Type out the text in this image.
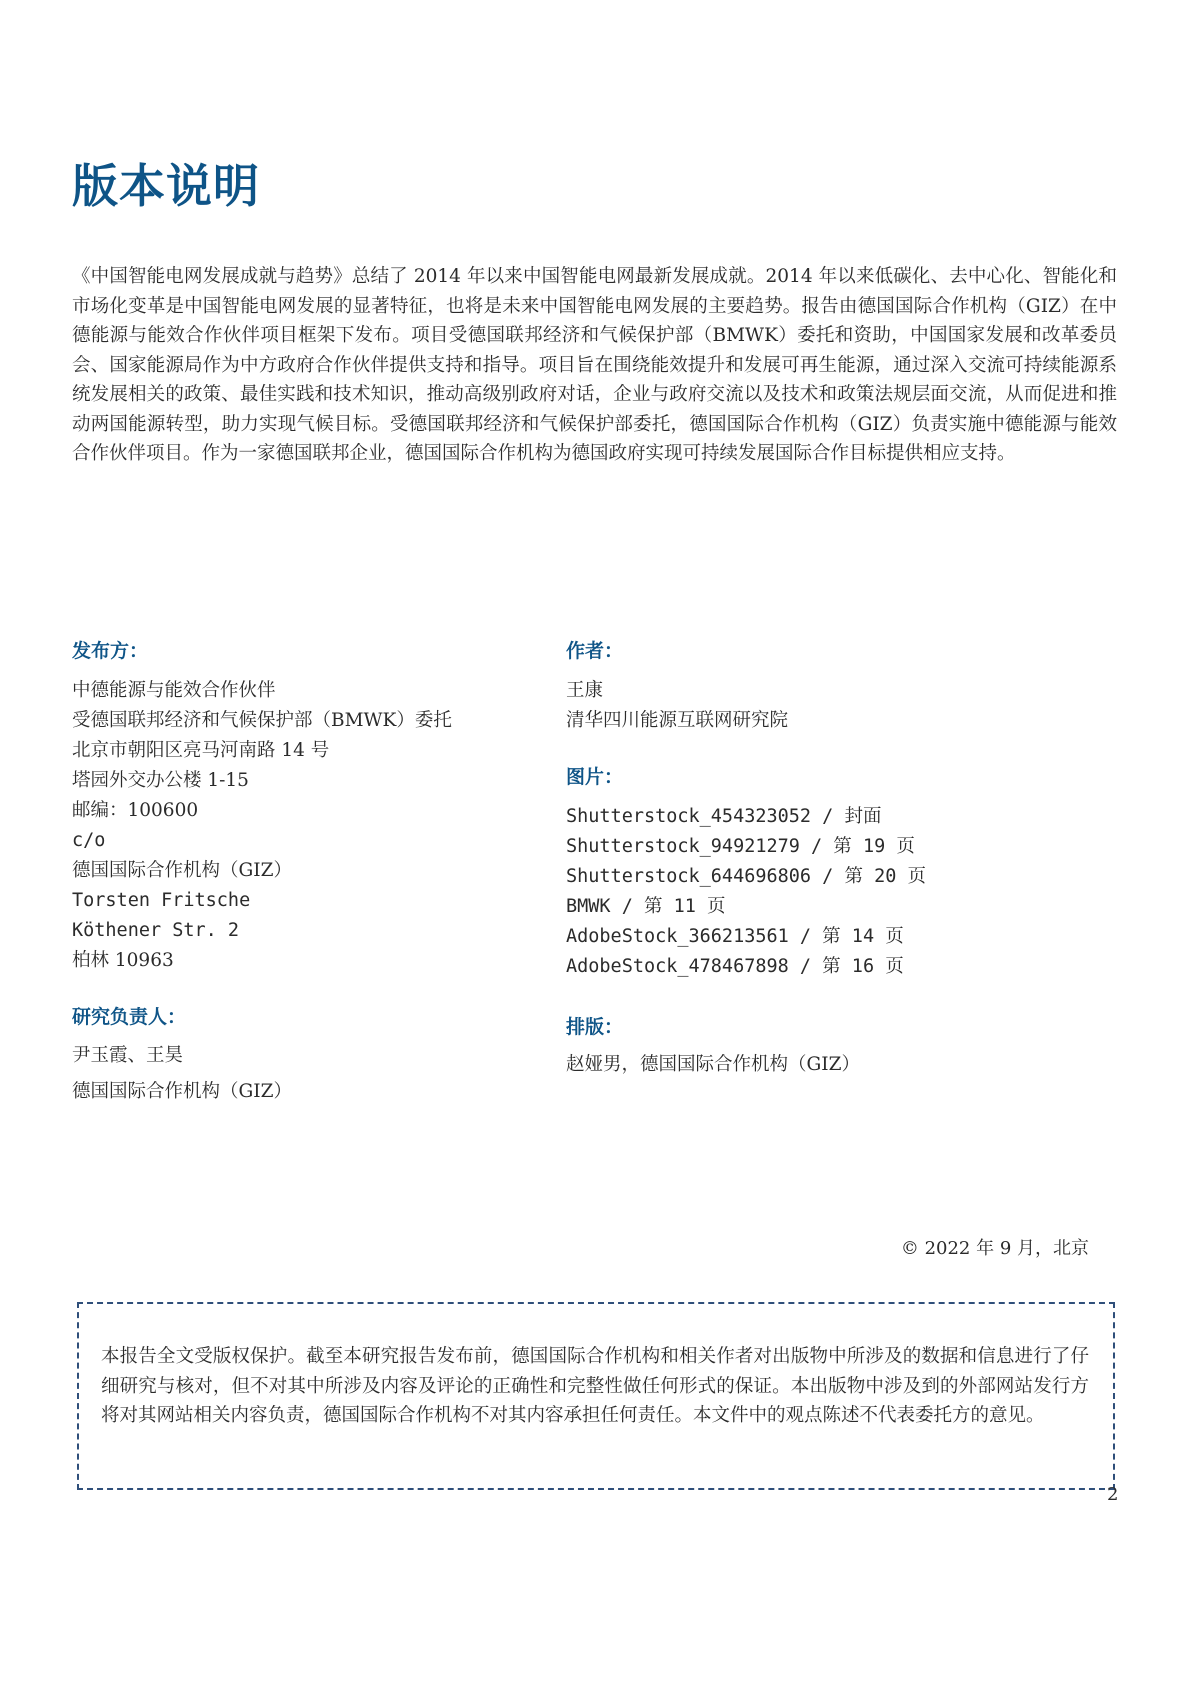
版本说明

《中国智能电网发展成就与趋势》总结了 2014 年以来中国智能电网最新发展成就。2014 年以来低碳化、去中心化、智能化和市场化变革是中国智能电网发展的显著特征，也将是未来中国智能电网发展的主要趋势。报告由德国国际合作机构（GIZ）在中德能源与能效合作伙伴项目框架下发布。项目受德国联邦经济和气候保护部（BMWK）委托和资助，中国国家发展和改革委员会、国家能源局作为中方政府合作伙伴提供支持和指导。项目旨在围绕能效提升和发展可再生能源，通过深入交流可持续能源系统发展相关的政策、最佳实践和技术知识，推动高级别政府对话，企业与政府交流以及技术和政策法规层面交流，从而促进和推动两国能源转型，助力实现气候目标。受德国联邦经济和气候保护部委托，德国国际合作机构（GIZ）负责实施中德能源与能效合作伙伴项目。作为一家德国联邦企业，德国国际合作机构为德国政府实现可持续发展国际合作目标提供相应支持。

发布方：
中德能源与能效合作伙伴
受德国联邦经济和气候保护部（BMWK）委托
北京市朝阳区亮马河南路 14 号
塔园外交办公楼 1-15
邮编：100600
c/o
德国国际合作机构（GIZ）
Torsten Fritsche
Köthener Str. 2
柏林 10963
研究负责人：
尹玉霞、王昊
德国国际合作机构（GIZ）
作者：
王康
清华四川能源互联网研究院
图片：
Shutterstock_454323052 / 封面
Shutterstock_94921279 / 第 19 页
Shutterstock_644696806 / 第 20 页
BMWK / 第 11 页
AdobeStock_366213561 / 第 14 页
AdobeStock_478467898 / 第 16 页
排版：
赵娅男，德国国际合作机构（GIZ）
© 2022 年 9 月，北京

本报告全文受版权保护。截至本研究报告发布前，德国国际合作机构和相关作者对出版物中所涉及的数据和信息进行了仔细研究与核对，但不对其中所涉及内容及评论的正确性和完整性做任何形式的保证。本出版物中涉及到的外部网站发行方将对其网站相关内容负责，德国国际合作机构不对其内容承担任何责任。本文件中的观点陈述不代表委托方的意见。

2
